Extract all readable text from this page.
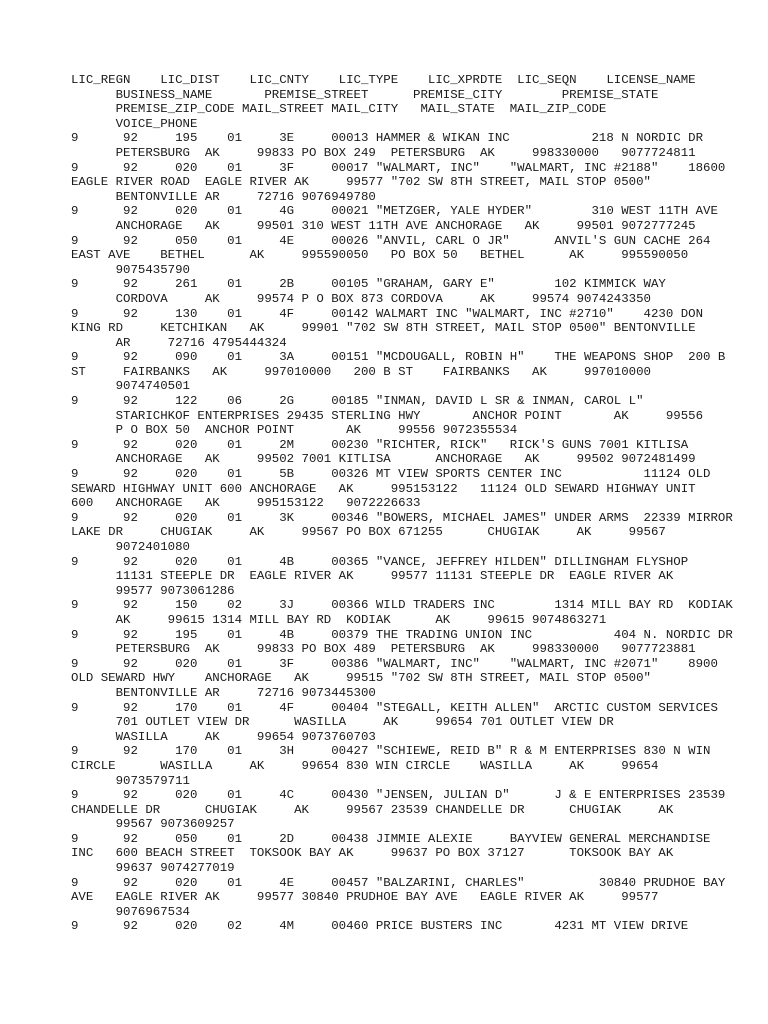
LIC_REGN    LIC_DIST    LIC_CNTY    LIC_TYPE    LIC_XPRDTE  LIC_SEQN    LICENSE_NAME
BUSINESS_NAME       PREMISE_STREET      PREMISE_CITY        PREMISE_STATE
PREMISE_ZIP_CODE MAIL_STREET MAIL_CITY   MAIL_STATE  MAIL_ZIP_CODE
VOICE_PHONE
9      92     195    01     3E     00013 HAMMER & WIKAN INC           218 N NORDIC DR
PETERSBURG  AK     99833 PO BOX 249  PETERSBURG  AK     998330000   9077724811
9      92     020    01     3F     00017 "WALMART, INC"    "WALMART, INC #2188"    18600
EAGLE RIVER ROAD  EAGLE RIVER AK     99577 "702 SW 8TH STREET, MAIL STOP 0500"
BENTONVILLE AR     72716 9076949780
9      92     020    01     4G     00021 "METZGER, YALE HYDER"        310 WEST 11TH AVE
ANCHORAGE   AK     99501 310 WEST 11TH AVE ANCHORAGE   AK     99501 9072777245
9      92     050    01     4E     00026 "ANVIL, CARL O JR"      ANVIL'S GUN CACHE 264
EAST AVE    BETHEL      AK     995590050   PO BOX 50   BETHEL      AK     995590050
9075435790
9      92     261    01     2B     00105 "GRAHAM, GARY E"        102 KIMMICK WAY
CORDOVA     AK     99574 P O BOX 873 CORDOVA     AK     99574 9074243350
9      92     130    01     4F     00142 WALMART INC "WALMART, INC #2710"    4230 DON
KING RD     KETCHIKAN   AK     99901 "702 SW 8TH STREET, MAIL STOP 0500" BENTONVILLE
AR     72716 4795444324
9      92     090    01     3A     00151 "MCDOUGALL, ROBIN H"    THE WEAPONS SHOP  200 B
ST     FAIRBANKS   AK     997010000   200 B ST    FAIRBANKS   AK     997010000
9074740501
9      92     122    06     2G     00185 "INMAN, DAVID L SR & INMAN, CAROL L"
STARICHKOF ENTERPRISES 29435 STERLING HWY       ANCHOR POINT       AK     99556
P O BOX 50  ANCHOR POINT       AK     99556 9072355534
9      92     020    01     2M     00230 "RICHTER, RICK"   RICK'S GUNS 7001 KITLISA
ANCHORAGE   AK     99502 7001 KITLISA      ANCHORAGE   AK     99502 9072481499
9      92     020    01     5B     00326 MT VIEW SPORTS CENTER INC           11124 OLD
SEWARD HIGHWAY UNIT 600 ANCHORAGE   AK     995153122   11124 OLD SEWARD HIGHWAY UNIT
600   ANCHORAGE   AK     995153122   9072226633
9      92     020    01     3K     00346 "BOWERS, MICHAEL JAMES" UNDER ARMS  22339 MIRROR
LAKE DR     CHUGIAK     AK     99567 PO BOX 671255      CHUGIAK     AK     99567
9072401080
9      92     020    01     4B     00365 "VANCE, JEFFREY HILDEN" DILLINGHAM FLYSHOP
11131 STEEPLE DR  EAGLE RIVER AK     99577 11131 STEEPLE DR  EAGLE RIVER AK
99577 9073061286
9      92     150    02     3J     00366 WILD TRADERS INC        1314 MILL BAY RD  KODIAK
AK     99615 1314 MILL BAY RD  KODIAK      AK     99615 9074863271
9      92     195    01     4B     00379 THE TRADING UNION INC           404 N. NORDIC DR
PETERSBURG  AK     99833 PO BOX 489  PETERSBURG  AK     998330000   9077723881
9      92     020    01     3F     00386 "WALMART, INC"    "WALMART, INC #2071"    8900
OLD SEWARD HWY    ANCHORAGE   AK     99515 "702 SW 8TH STREET, MAIL STOP 0500"
BENTONVILLE AR     72716 9073445300
9      92     170    01     4F     00404 "STEGALL, KEITH ALLEN"  ARCTIC CUSTOM SERVICES
701 OUTLET VIEW DR      WASILLA     AK     99654 701 OUTLET VIEW DR
WASILLA     AK     99654 9073760703
9      92     170    01     3H     00427 "SCHIEWE, REID B" R & M ENTERPRISES 830 N WIN
CIRCLE      WASILLA     AK     99654 830 WIN CIRCLE    WASILLA     AK     99654
9073579711
9      92     020    01     4C     00430 "JENSEN, JULIAN D"      J & E ENTERPRISES 23539
CHANDELLE DR      CHUGIAK     AK     99567 23539 CHANDELLE DR      CHUGIAK     AK
99567 9073609257
9      92     050    01     2D     00438 JIMMIE ALEXIE     BAYVIEW GENERAL MERCHANDISE
INC   600 BEACH STREET  TOKSOOK BAY AK     99637 PO BOX 37127      TOKSOOK BAY AK
99637 9074277019
9      92     020    01     4E     00457 "BALZARINI, CHARLES"          30840 PRUDHOE BAY
AVE   EAGLE RIVER AK     99577 30840 PRUDHOE BAY AVE   EAGLE RIVER AK     99577
9076967534
9      92     020    02     4M     00460 PRICE BUSTERS INC       4231 MT VIEW DRIVE
